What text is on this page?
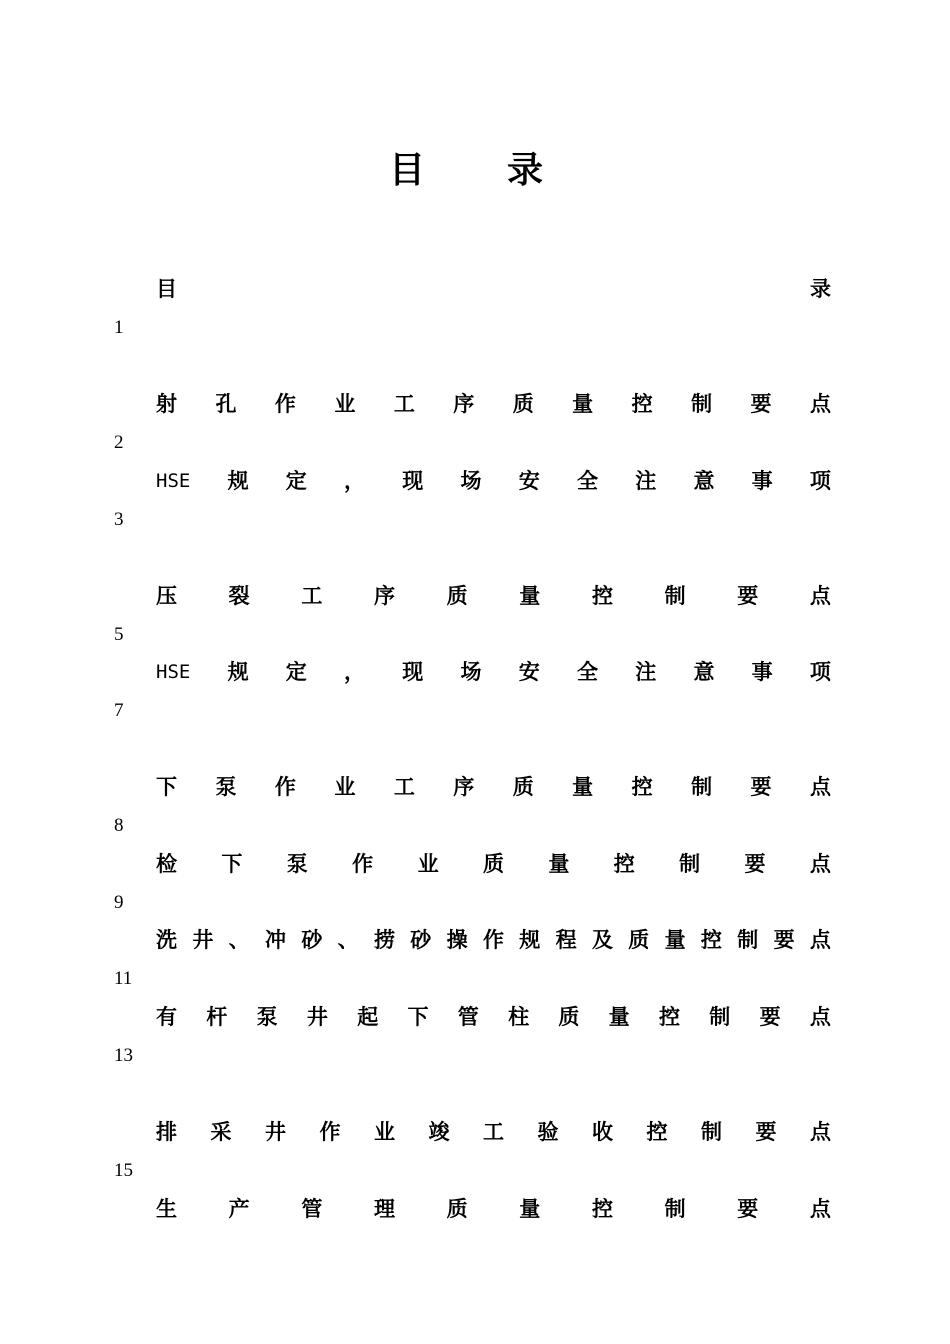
目 录
目	录
1
射 孔 作 业 工 序 质 量 控 制 要 点
2
HSE 规 定 ， 现 场 安 全 注 意 事 项
3
压 裂 工 序 质 量 控 制 要 点
5
HSE 规 定 ， 现 场 安 全 注 意 事 项
7
下 泵 作 业 工 序 质 量 控 制 要 点
8
检 下 泵 作 业 质 量 控 制 要 点
9
洗 井 、 冲 砂 、 捞 砂 操 作 规 程 及 质 量 控 制 要 点
11
有 杆 泵 井 起 下 管 柱 质 量 控 制 要 点
13
排 采 井 作 业 竣 工 验 收 控 制 要 点
15
生 产 管 理 质 量 控 制 要 点
